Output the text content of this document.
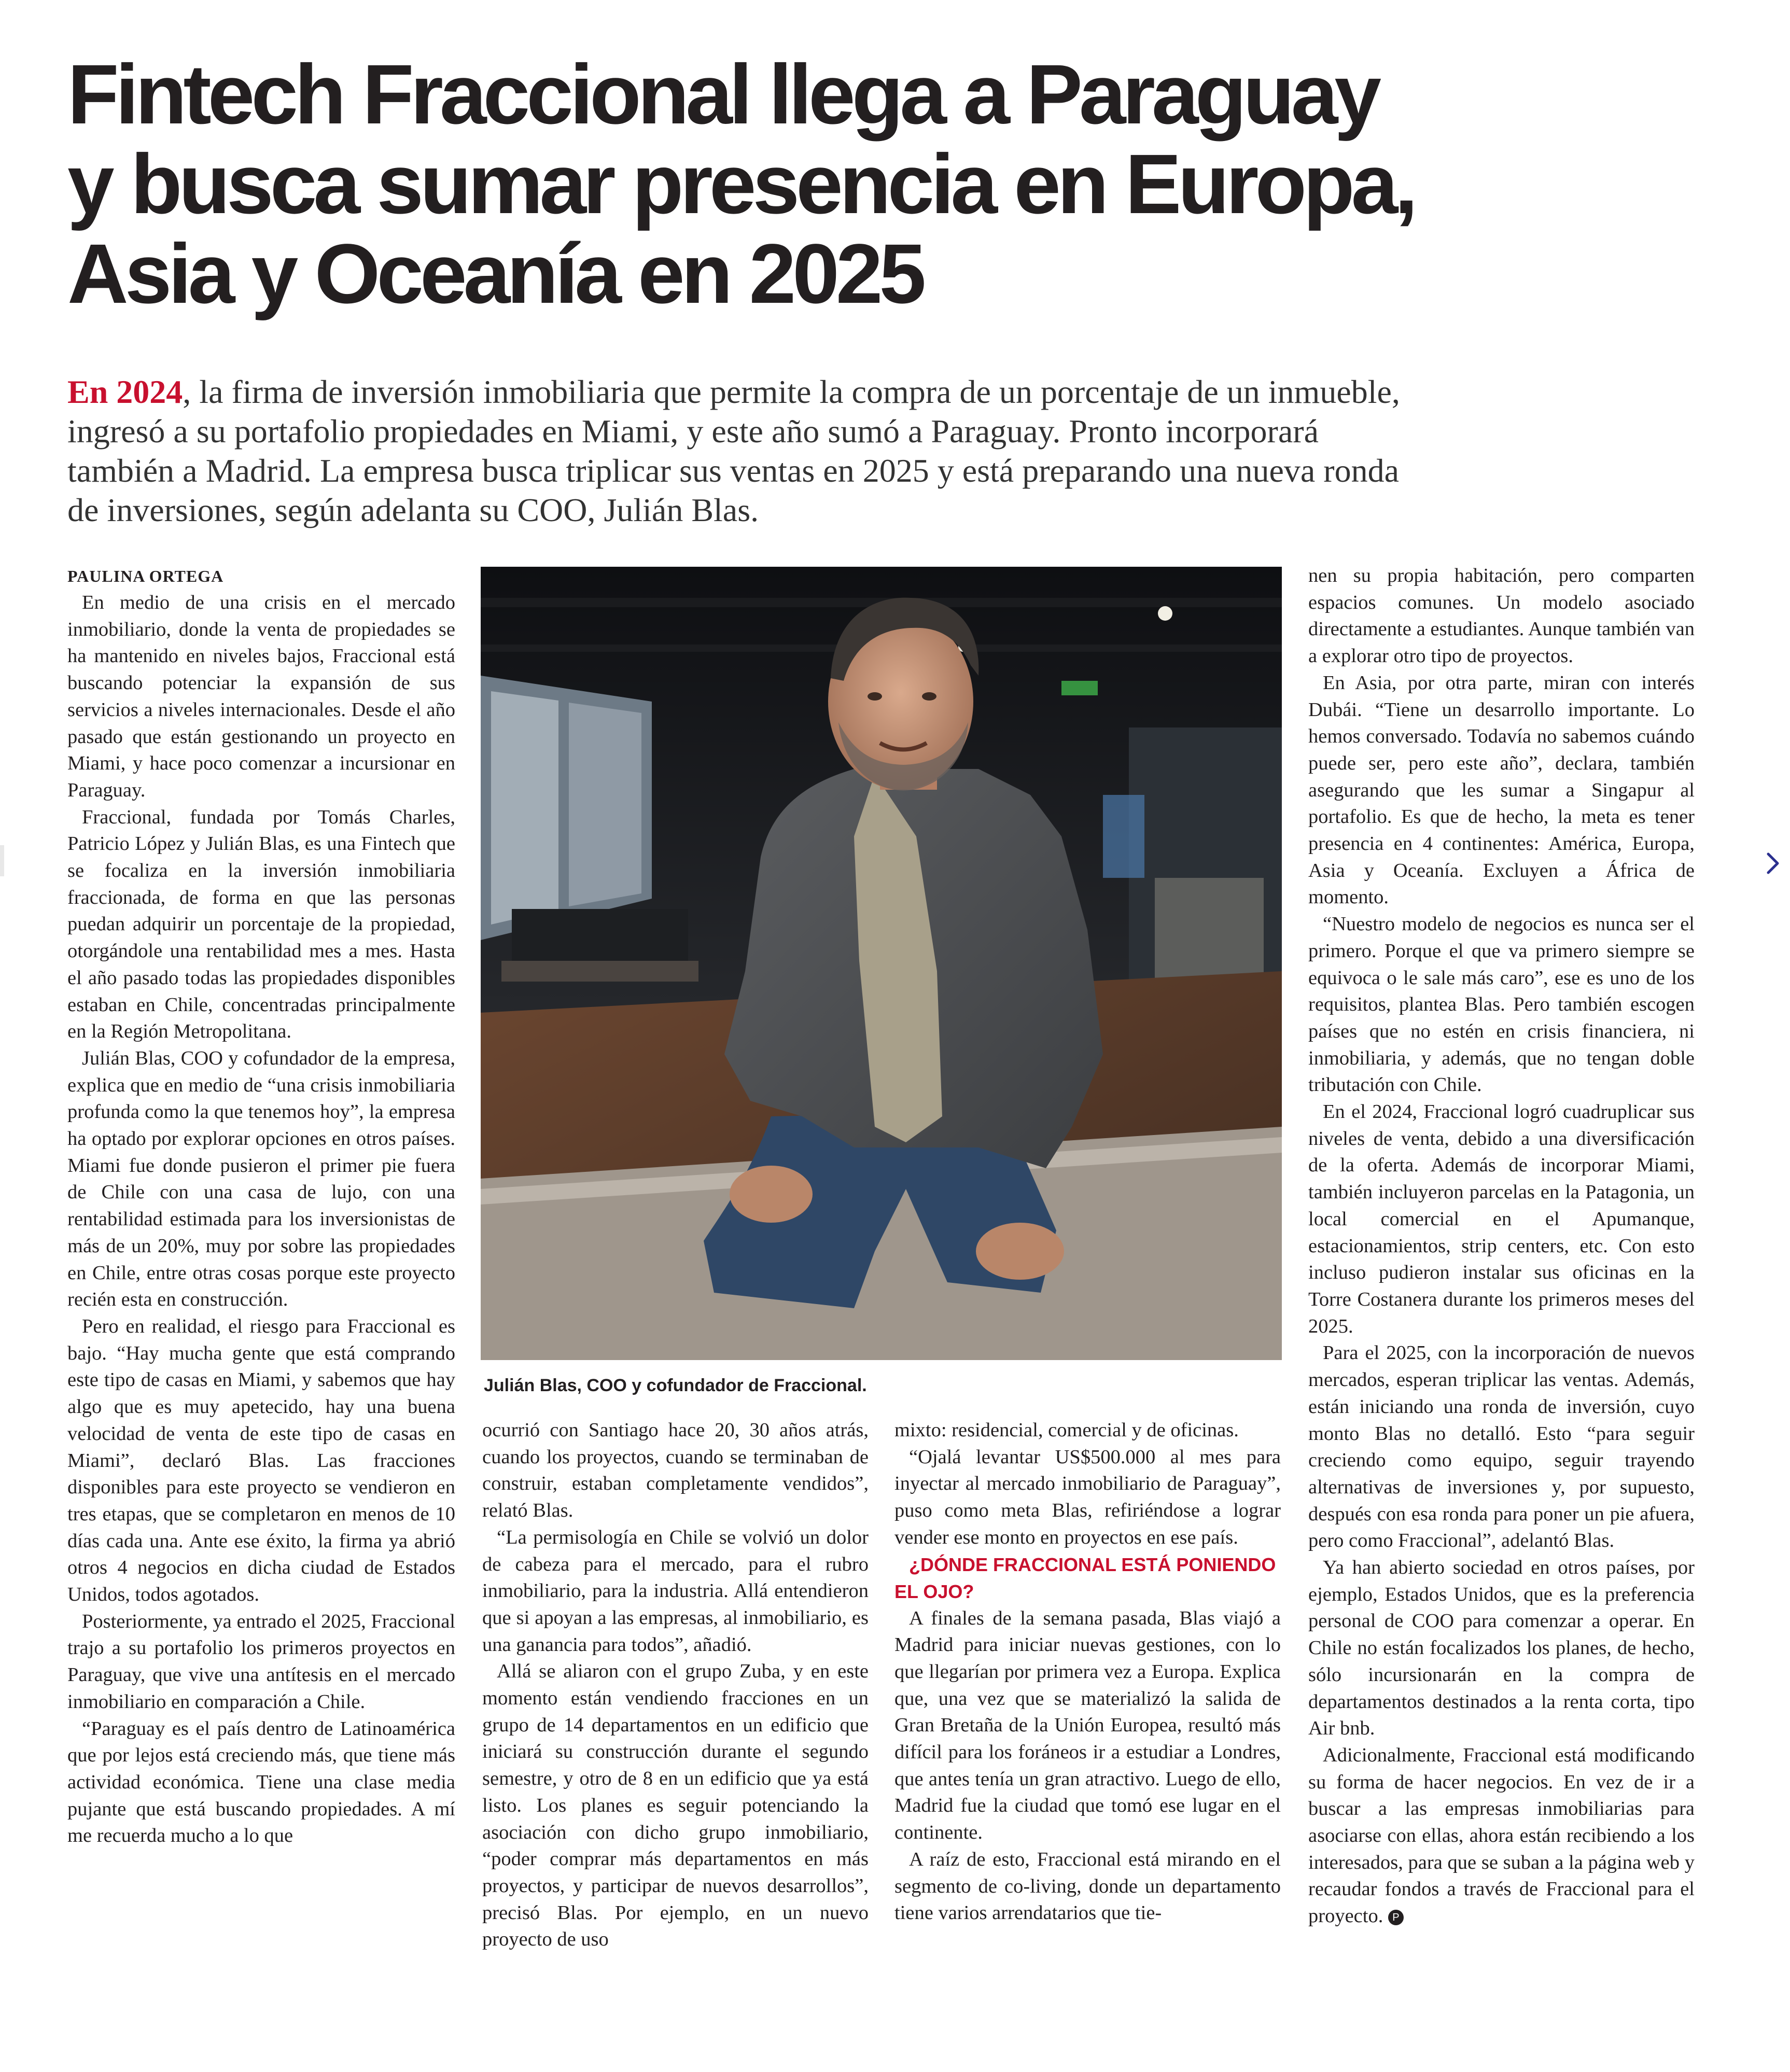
Fintech Fraccional llega a Paraguay y busca sumar presencia en Europa, Asia y Oceanía en 2025

En 2024, la firma de inversión inmobiliaria que permite la compra de un porcentaje de un inmueble, ingresó a su portafolio propiedades en Miami, y este año sumó a Paraguay. Pronto incorporará también a Madrid. La empresa busca triplicar sus ventas en 2025 y está preparando una nueva ronda de inversiones, según adelanta su COO, Julián Blas.

PAULINA ORTEGA

En medio de una crisis en el mercado inmobiliario, donde la venta de propiedades se ha mantenido en niveles bajos, Fraccional está buscando potenciar la expansión de sus servicios a niveles internacionales. Desde el año pasado que están gestionando un proyecto en Miami, y hace poco comenzar a incursionar en Paraguay.

Fraccional, fundada por Tomás Charles, Patricio López y Julián Blas, es una Fintech que se focaliza en la inversión inmobiliaria fraccionada, de forma en que las personas puedan adquirir un porcentaje de la propiedad, otorgándole una rentabilidad mes a mes. Hasta el año pasado todas las propiedades disponibles estaban en Chile, concentradas principalmente en la Región Metropolitana.

Julián Blas, COO y cofundador de la empresa, explica que en medio de “una crisis inmobiliaria profunda como la que tenemos hoy”, la empresa ha optado por explorar opciones en otros países. Miami fue donde pusieron el primer pie fuera de Chile con una casa de lujo, con una rentabilidad estimada para los inversionistas de más de un 20%, muy por sobre las propiedades en Chile, entre otras cosas porque este proyecto recién esta en construcción.

Pero en realidad, el riesgo para Fraccional es bajo. “Hay mucha gente que está comprando este tipo de casas en Miami, y sabemos que hay algo que es muy apetecido, hay una buena velocidad de venta de este tipo de casas en Miami”, declaró Blas. Las fracciones disponibles para este proyecto se vendieron en tres etapas, que se completaron en menos de 10 días cada una. Ante ese éxito, la firma ya abrió otros 4 negocios en dicha ciudad de Estados Unidos, todos agotados.

Posteriormente, ya entrado el 2025, Fraccional trajo a su portafolio los primeros proyectos en Paraguay, que vive una antítesis en el mercado inmobiliario en comparación a Chile.

“Paraguay es el país dentro de Latinoamérica que por lejos está creciendo más, que tiene más actividad económica. Tiene una clase media pujante que está buscando propiedades. A mí me recuerda mucho a lo que

Julián Blas, COO y cofundador de Fraccional.

ocurrió con Santiago hace 20, 30 años atrás, cuando los proyectos, cuando se terminaban de construir, estaban completamente vendidos”, relató Blas.

“La permisología en Chile se volvió un dolor de cabeza para el mercado, para el rubro inmobiliario, para la industria. Allá entendieron que si apoyan a las empresas, al inmobiliario, es una ganancia para todos”, añadió.

Allá se aliaron con el grupo Zuba, y en este momento están vendiendo fracciones en un grupo de 14 departamentos en un edificio que iniciará su construcción durante el segundo semestre, y otro de 8 en un edificio que ya está listo. Los planes es seguir potenciando la asociación con dicho grupo inmobiliario, “poder comprar más departamentos en más proyectos, y participar de nuevos desarrollos”, precisó Blas. Por ejemplo, en un nuevo proyecto de uso

mixto: residencial, comercial y de oficinas.

“Ojalá levantar US$500.000 al mes para inyectar al mercado inmobiliario de Paraguay”, puso como meta Blas, refiriéndose a lograr vender ese monto en proyectos en ese país.

¿DÓNDE FRACCIONAL ESTÁ PONIENDO EL OJO?

A finales de la semana pasada, Blas viajó a Madrid para iniciar nuevas gestiones, con lo que llegarían por primera vez a Europa. Explica que, una vez que se materializó la salida de Gran Bretaña de la Unión Europea, resultó más difícil para los foráneos ir a estudiar a Londres, que antes tenía un gran atractivo. Luego de ello, Madrid fue la ciudad que tomó ese lugar en el continente.

A raíz de esto, Fraccional está mirando en el segmento de co-living, donde un departamento tiene varios arrendatarios que tie-

nen su propia habitación, pero comparten espacios comunes. Un modelo asociado directamente a estudiantes. Aunque también van a explorar otro tipo de proyectos.

En Asia, por otra parte, miran con interés Dubái. “Tiene un desarrollo importante. Lo hemos conversado. Todavía no sabemos cuándo puede ser, pero este año”, declara, también asegurando que les sumar a Singapur al portafolio. Es que de hecho, la meta es tener presencia en 4 continentes: América, Europa, Asia y Oceanía. Excluyen a África de momento.

“Nuestro modelo de negocios es nunca ser el primero. Porque el que va primero siempre se equivoca o le sale más caro”, ese es uno de los requisitos, plantea Blas. Pero también escogen países que no estén en crisis financiera, ni inmobiliaria, y además, que no tengan doble tributación con Chile.

En el 2024, Fraccional logró cuadruplicar sus niveles de venta, debido a una diversificación de la oferta. Además de incorporar Miami, también incluyeron parcelas en la Patagonia, un local comercial en el Apumanque, estacionamientos, strip centers, etc. Con esto incluso pudieron instalar sus oficinas en la Torre Costanera durante los primeros meses del 2025.

Para el 2025, con la incorporación de nuevos mercados, esperan triplicar las ventas. Además, están iniciando una ronda de inversión, cuyo monto Blas no detalló. Esto “para seguir creciendo como equipo, seguir trayendo alternativas de inversiones y, por supuesto, después con esa ronda para poner un pie afuera, pero como Fraccional”, adelantó Blas.

Ya han abierto sociedad en otros países, por ejemplo, Estados Unidos, que es la preferencia personal de COO para comenzar a operar. En Chile no están focalizados los planes, de hecho, sólo incursionarán en la compra de departamentos destinados a la renta corta, tipo Air bnb.

Adicionalmente, Fraccional está modificando su forma de hacer negocios. En vez de ir a buscar a las empresas inmobiliarias para asociarse con ellas, ahora están recibiendo a los interesados, para que se suban a la página web y recaudar fondos a través de Fraccional para el proyecto. P
